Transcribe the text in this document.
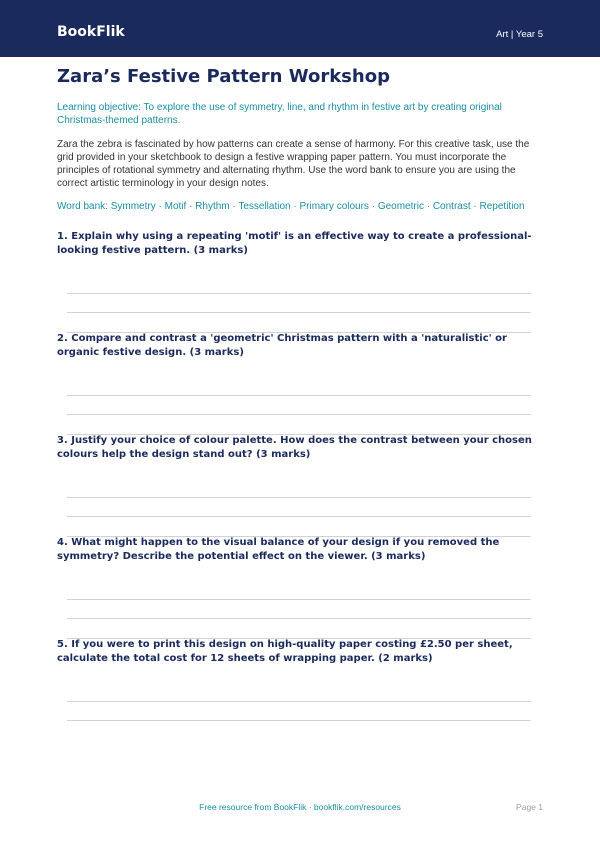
BookFlik	Art | Year 5
Zara’s Festive Pattern Workshop
Learning objective: To explore the use of symmetry, line, and rhythm in festive art by creating original Christmas-themed patterns.
Zara the zebra is fascinated by how patterns can create a sense of harmony. For this creative task, use the grid provided in your sketchbook to design a festive wrapping paper pattern. You must incorporate the principles of rotational symmetry and alternating rhythm. Use the word bank to ensure you are using the correct artistic terminology in your design notes.
Word bank: Symmetry · Motif · Rhythm · Tessellation · Primary colours · Geometric · Contrast · Repetition
1. Explain why using a repeating 'motif' is an effective way to create a professional-looking festive pattern. (3 marks)
2. Compare and contrast a 'geometric' Christmas pattern with a 'naturalistic' or organic festive design. (3 marks)
3. Justify your choice of colour palette. How does the contrast between your chosen colours help the design stand out? (3 marks)
4. What might happen to the visual balance of your design if you removed the symmetry? Describe the potential effect on the viewer. (3 marks)
5. If you were to print this design on high-quality paper costing £2.50 per sheet, calculate the total cost for 12 sheets of wrapping paper. (2 marks)
Free resource from BookFlik · bookflik.com/resources	Page 1
